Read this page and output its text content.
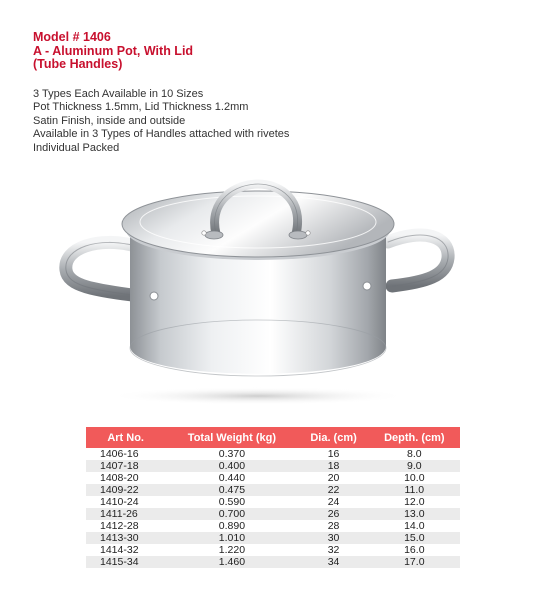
Model # 1406
A - Aluminum Pot, With Lid
(Tube Handles)
3 Types Each Available in 10 Sizes
Pot Thickness 1.5mm, Lid Thickness 1.2mm
Satin Finish, inside and outside
Available in 3 Types of Handles attached with rivetes
Individual Packed
Art No.	Total Weight (kg)	Dia. (cm)	Depth. (cm)
1406-16	0.370	16	8.0
1407-18	0.400	18	9.0
1408-20	0.440	20	10.0
1409-22	0.475	22	11.0
1410-24	0.590	24	12.0
1411-26	0.700	26	13.0
1412-28	0.890	28	14.0
1413-30	1.010	30	15.0
1414-32	1.220	32	16.0
1415-34	1.460	34	17.0
